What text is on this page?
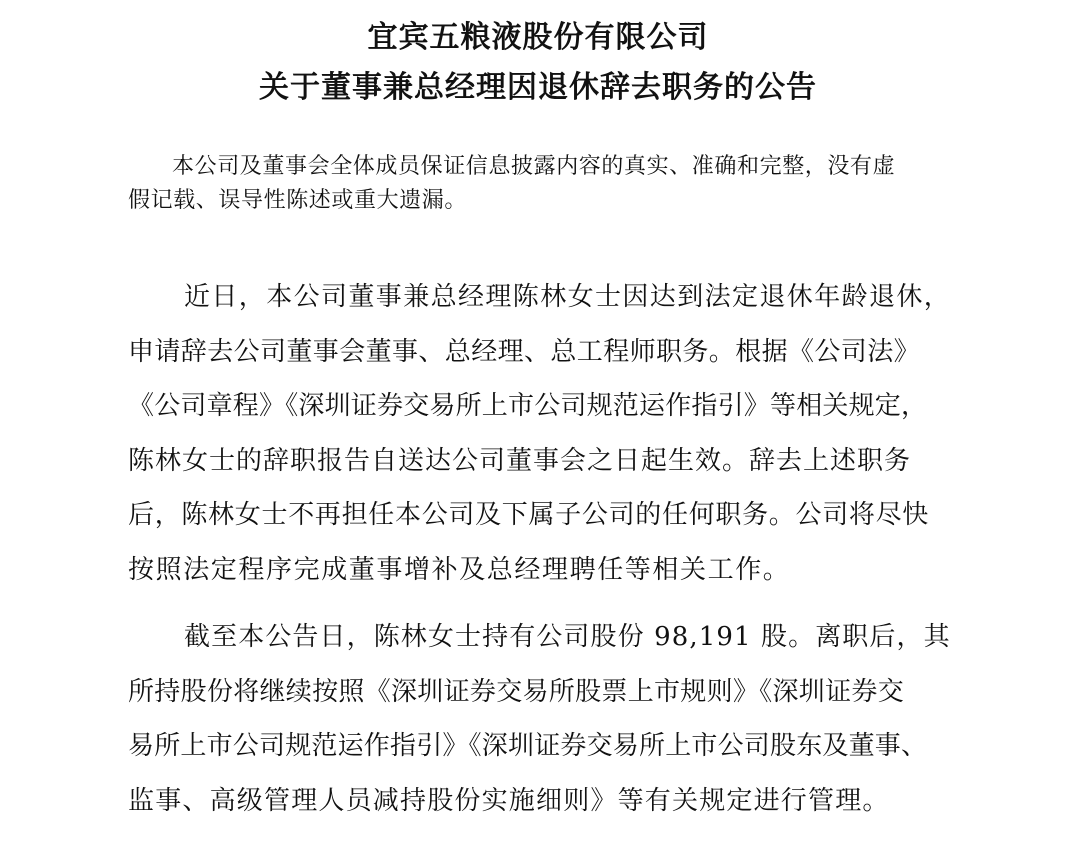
宜宾五粮液股份有限公司
关于董事兼总经理因退休辞去职务的公告
本公司及董事会全体成员保证信息披露内容的真实、准确和完整，没有虚
假记载、误导性陈述或重大遗漏。
近日，本公司董事兼总经理陈林女士因达到法定退休年龄退休，
申请辞去公司董事会董事、总经理、总工程师职务。根据《公司法》
《公司章程》《深圳证券交易所上市公司规范运作指引》等相关规定，
陈林女士的辞职报告自送达公司董事会之日起生效。辞去上述职务
后，陈林女士不再担任本公司及下属子公司的任何职务。公司将尽快
按照法定程序完成董事增补及总经理聘任等相关工作。
截至本公告日，陈林女士持有公司股份 98,191 股。离职后，其
所持股份将继续按照《深圳证券交易所股票上市规则》《深圳证券交
易所上市公司规范运作指引》《深圳证券交易所上市公司股东及董事、
监事、高级管理人员减持股份实施细则》等有关规定进行管理。
